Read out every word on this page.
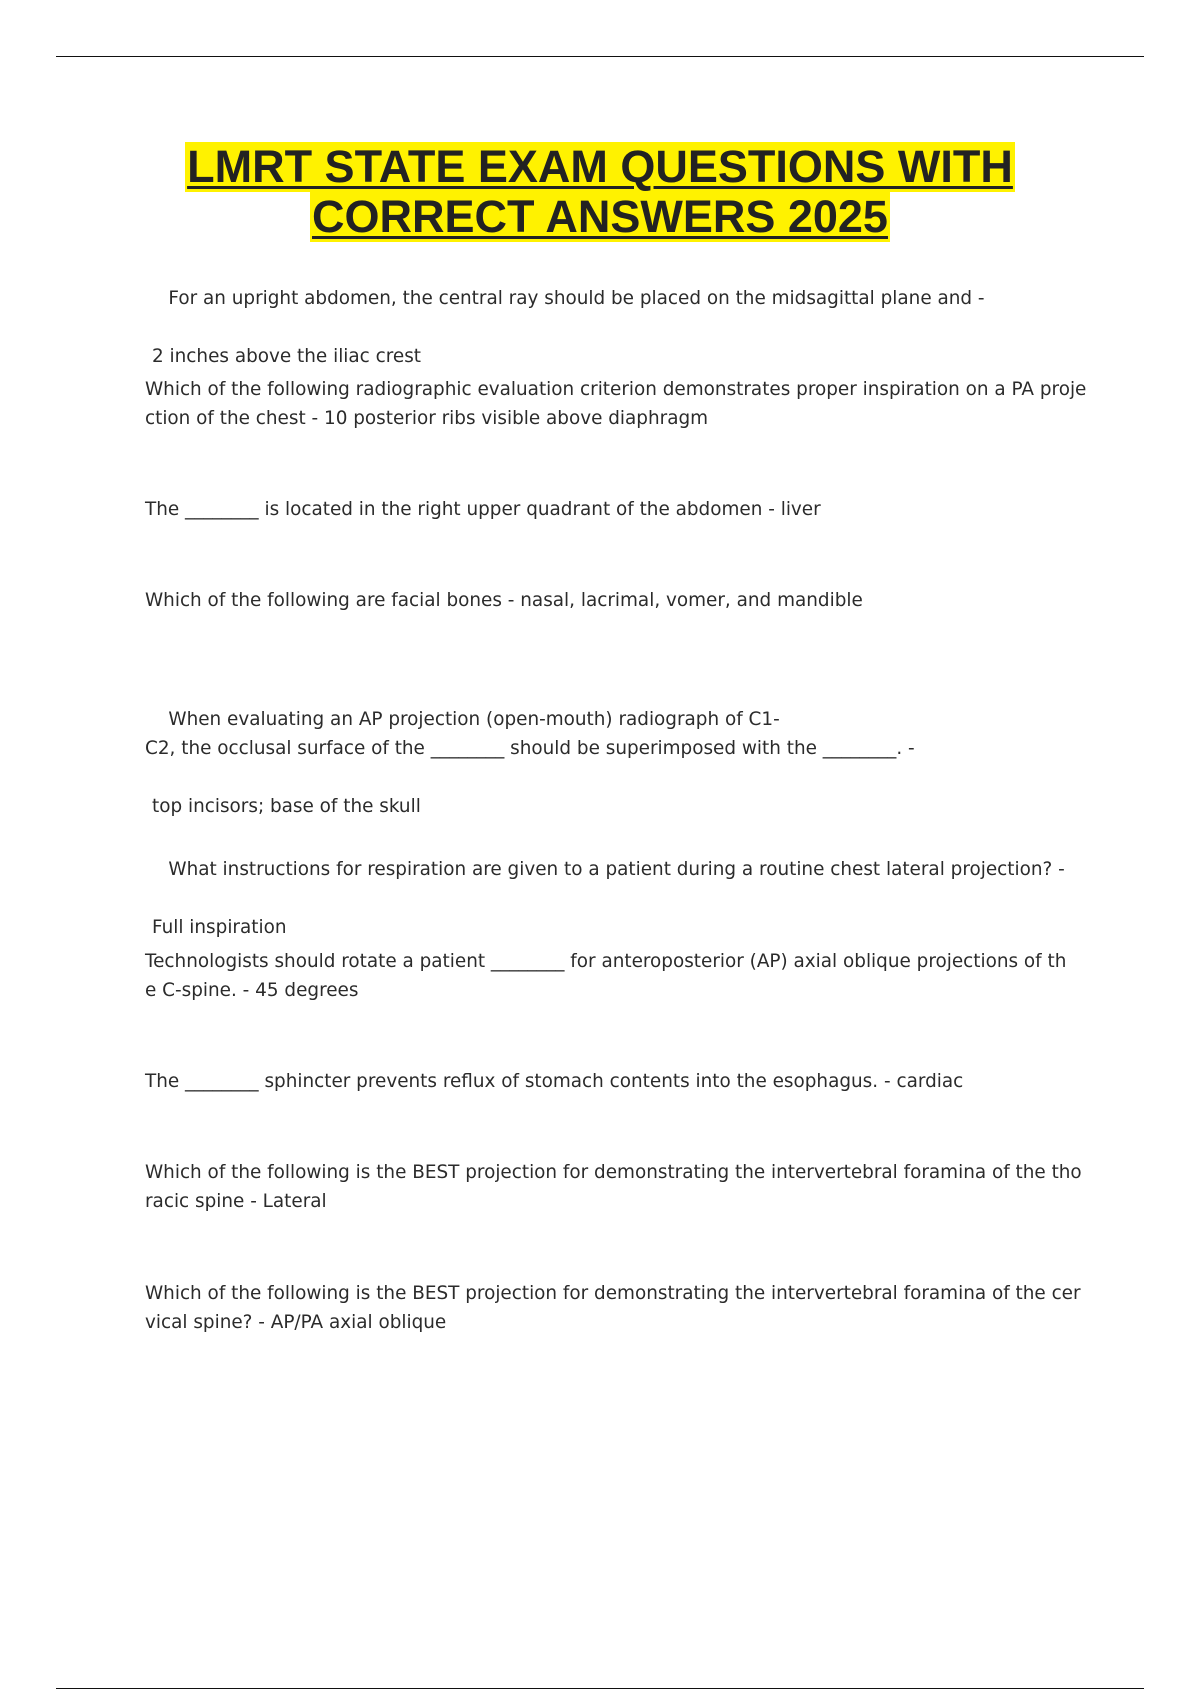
LMRT STATE EXAM QUESTIONS WITH
CORRECT ANSWERS 2025

For an upright abdomen, the central ray should be placed on the midsagittal plane and -

2 inches above the iliac crest

Which of the following radiographic evaluation criterion demonstrates proper inspiration on a PA proje
ction of the chest - 10 posterior ribs visible above diaphragm
The ________ is located in the right upper quadrant of the abdomen - liver
Which of the following are facial bones - nasal, lacrimal, vomer, and mandible

When evaluating an AP projection (open-mouth) radiograph of C1-
C2, the occlusal surface of the ________ should be superimposed with the ________. -

top incisors; base of the skull

What instructions for respiration are given to a patient during a routine chest lateral projection? -

Full inspiration

Technologists should rotate a patient ________ for anteroposterior (AP) axial oblique projections of th
e C-spine. - 45 degrees
The ________ sphincter prevents reflux of stomach contents into the esophagus. - cardiac
Which of the following is the BEST projection for demonstrating the intervertebral foramina of the tho
racic spine - Lateral
Which of the following is the BEST projection for demonstrating the intervertebral foramina of the cer
vical spine? - AP/PA axial oblique
